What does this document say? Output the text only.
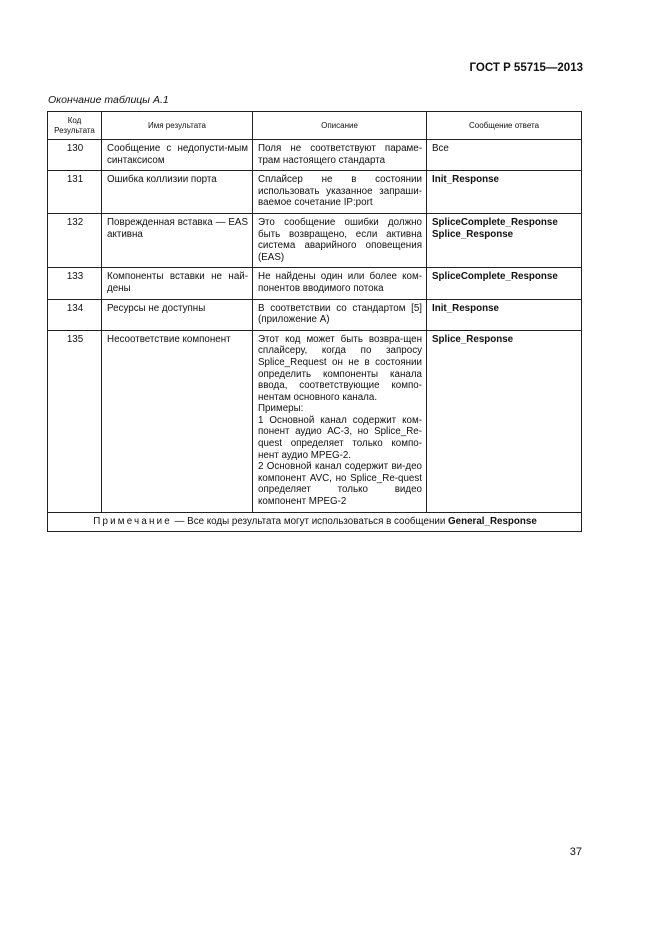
ГОСТ Р 55715—2013
Окончание таблицы А.1
Код Результата	Имя результата	Описание	Сообщение ответа
130	Сообщение с недопусти-мым синтаксисом	Поля не соответствуют параме-трам настоящего стандарта	Все
131	Ошибка коллизии порта	Сплайсер не в состоянии использовать указанное запраши-ваемое сочетание IP:port	Init_Response
132	Поврежденная вставка — EAS активна	Это сообщение ошибки должно быть возвращено, если активна система аварийного оповещения (EAS)	SpliceComplete_Response
Splice_Response

133	Компоненты вставки не най-дены	Не найдены один или более ком-понентов вводимого потока	SpliceComplete_Response
134	Ресурсы не доступны	В соответствии со стандартом [5] (приложение А)	Init_Response
135	Несоответствие компонент	Этот код может быть возвра-щен сплайсеру, когда по запросу Splice_Request он не в состоянии определить компоненты канала ввода, соответствующие компо-нентам основного канала.
Примеры:
1 Основной канал содержит ком-понент аудио АС-3, но Splice_Re-quest определяет только компо-нент аудио MPEG-2.
2 Основной канал содержит ви-део компонент AVC, но Splice_Re-quest определяет только видео компонент MPEG-2	Splice_Response
Примечание — Все коды результата могут использоваться в сообщении General_Response			
37
